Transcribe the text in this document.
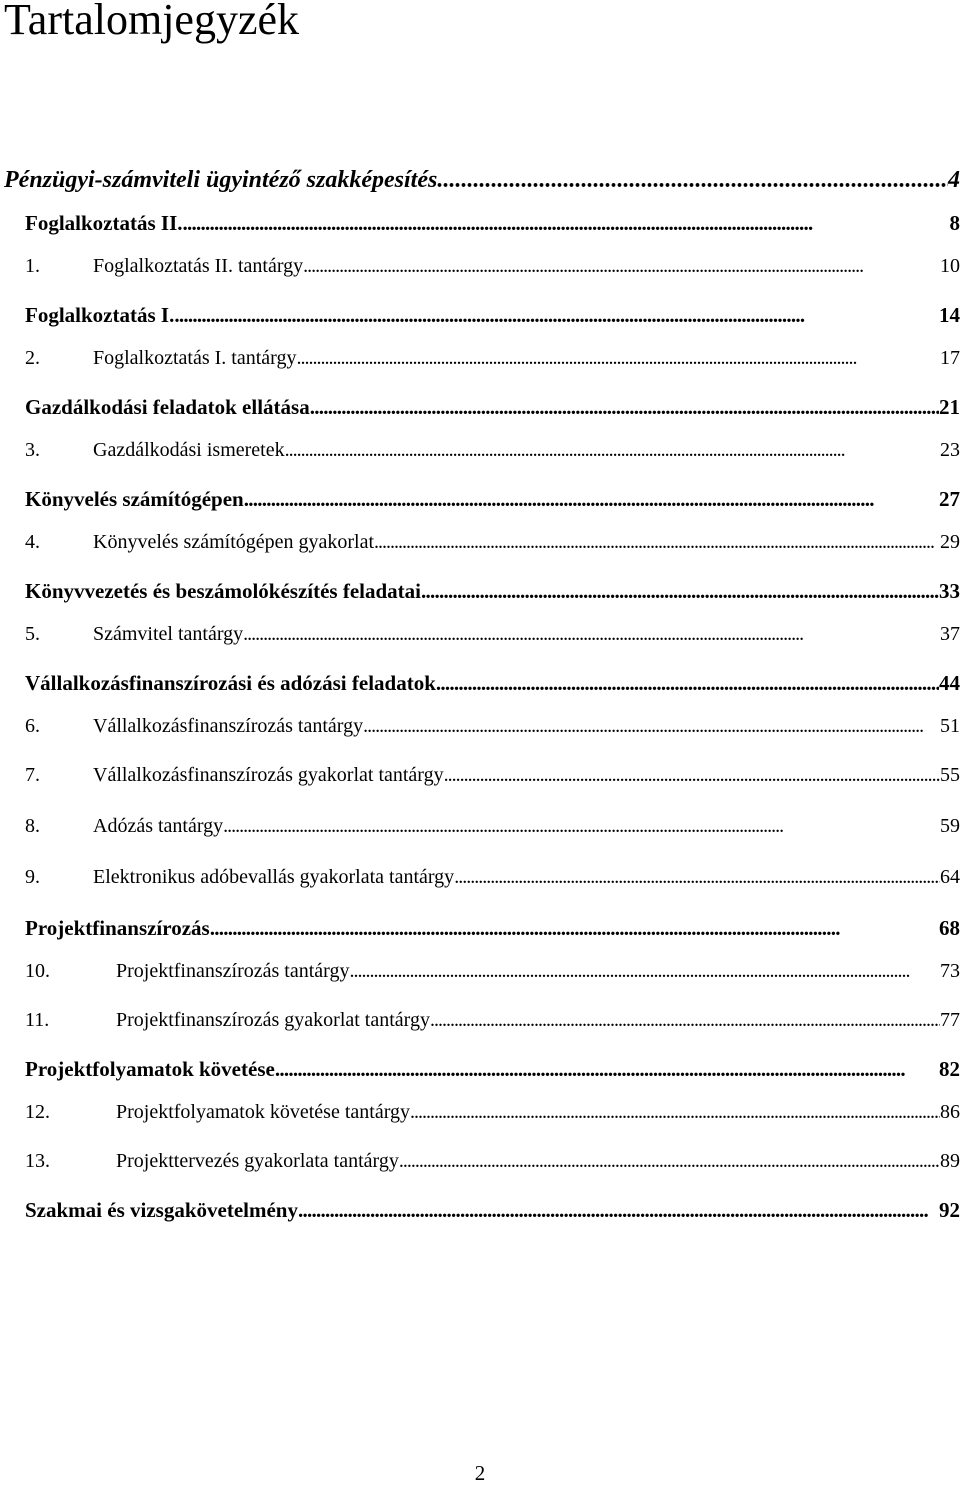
Tartalomjegyzék
Pénzügyi-számviteli ügyintéző szakképesítés . . .	4
Foglalkoztatás II. . . .	8
1.	Foglalkoztatás II. tantárgy . . .	10
Foglalkoztatás I. . . .	14
2.	Foglalkoztatás I. tantárgy . . .	17
Gazdálkodási feladatok ellátása . . .	21
3.	Gazdálkodási ismeretek . . .	23
Könyvelés számítógépen . . .	27
4.	Könyvelés számítógépen gyakorlat . . .	29
Könyvvezetés és beszámolókészítés feladatai . . .	33
5.	Számvitel tantárgy . . .	37
Vállalkozásfinanszírozási és adózási feladatok . . .	44
6.	Vállalkozásfinanszírozás tantárgy . . .	51
7.	Vállalkozásfinanszírozás gyakorlat tantárgy . . .	55
8.	Adózás tantárgy . . .	59
9.	Elektronikus adóbevallás gyakorlata tantárgy . . .	64
Projektfinanszírozás . . .	68
10.	Projektfinanszírozás tantárgy . . .	73
11.	Projektfinanszírozás gyakorlat tantárgy . . .	77
Projektfolyamatok követése . . .	82
12.	Projektfolyamatok követése tantárgy . . .	86
13.	Projekttervezés gyakorlata tantárgy . . .	89
Szakmai és vizsgakövetelmény . . .	92
2
